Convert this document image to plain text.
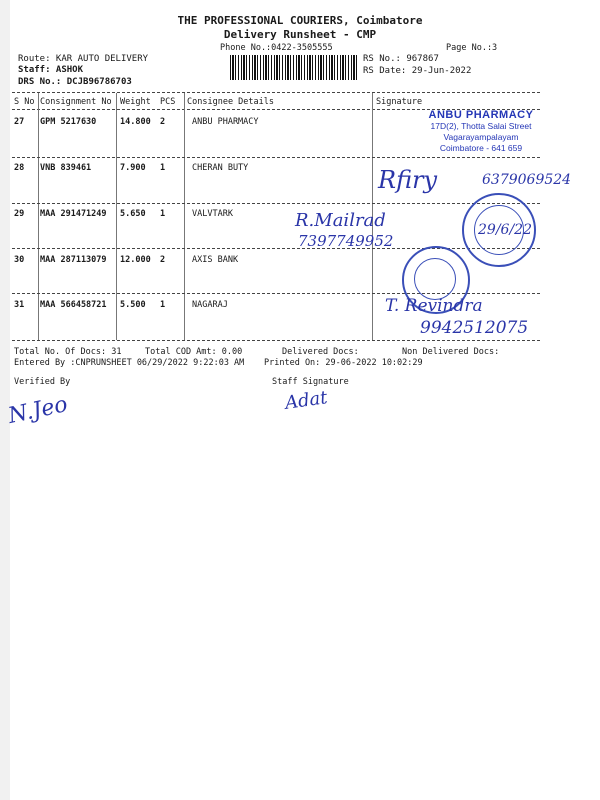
THE PROFESSIONAL COURIERS, Coimbatore
Delivery Runsheet - CMP
Phone No.:0422-3505555	Page No.:3
Route: KAR AUTO DELIVERY
Staff: ASHOK
DRS No.: DCJB96786703
RS No.: 967867
RS Date: 29-Jun-2022
S No Consignment No Weight PCS Consignee Details	Signature
27 GPM 5217630	14.800 2	ANBU PHARMACY
28 VNB 839461	7.900 1	CHERAN BUTY
29 MAA 291471249 5.650 1	VALVTARK
30 MAA 287113079 12.000 2	AXIS BANK
31 MAA 566458721 5.500 1	NAGARAJ
ANBU PHARMACY
17D(2), Thotta Salai Street
Vagarayampalayam
Coimbatore - 641 659
Rfiry	6379069524
R.Mailrad
7397749952
29/6/22
T. Revindra
9942512075
Total No. Of Docs: 31	Total COD Amt: 0.00	Delivered Docs:	Non Delivered Docs:
Entered By :CNPRUNSHEET 06/29/2022 9:22:03 AM Printed On: 29-06-2022 10:02:29
Verified By	Staff Signature
N.Jeo	Adat
